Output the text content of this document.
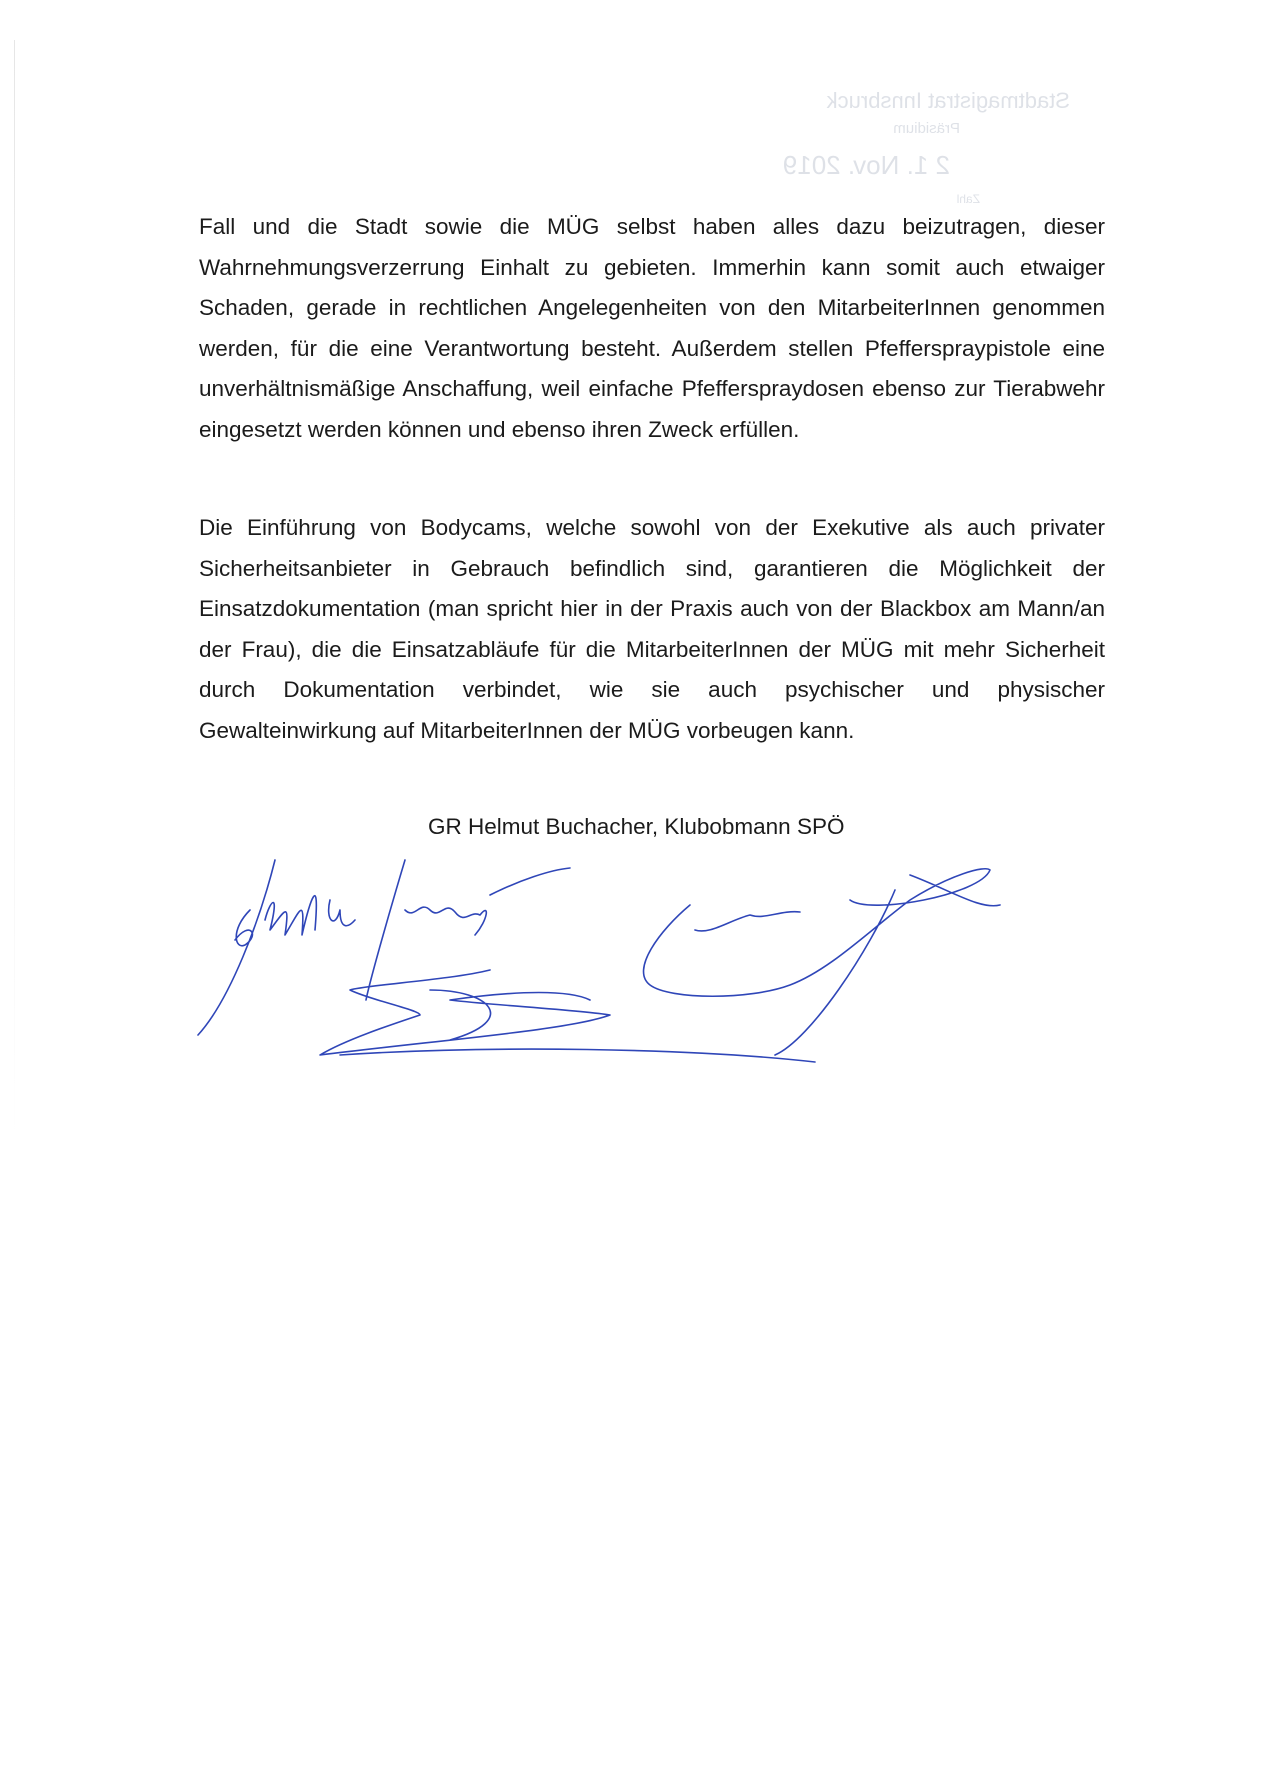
Stadtmagistrat Innsbruck
Präsidium
2 1. Nov. 2019
Zahl

Fall und die Stadt sowie die MÜG selbst haben alles dazu beizutragen, dieser Wahrnehmungsverzerrung Einhalt zu gebieten. Immerhin kann somit auch etwaiger Schaden, gerade in rechtlichen Angelegenheiten von den MitarbeiterInnen genommen werden, für die eine Verantwortung besteht. Außerdem stellen Pfefferspraypistole eine unverhältnismäßige Anschaffung, weil einfache Pfefferspraydosen ebenso zur Tierabwehr eingesetzt werden können und ebenso ihren Zweck erfüllen.

Die Einführung von Bodycams, welche sowohl von der Exekutive als auch privater Sicherheitsanbieter in Gebrauch befindlich sind, garantieren die Möglichkeit der Einsatzdokumentation (man spricht hier in der Praxis auch von der Blackbox am Mann/an der Frau), die die Einsatzabläufe für die MitarbeiterInnen der MÜG mit mehr Sicherheit durch Dokumentation verbindet, wie sie auch psychischer und physischer Gewalteinwirkung auf MitarbeiterInnen der MÜG vorbeugen kann.

GR Helmut Buchacher, Klubobmann SPÖ
